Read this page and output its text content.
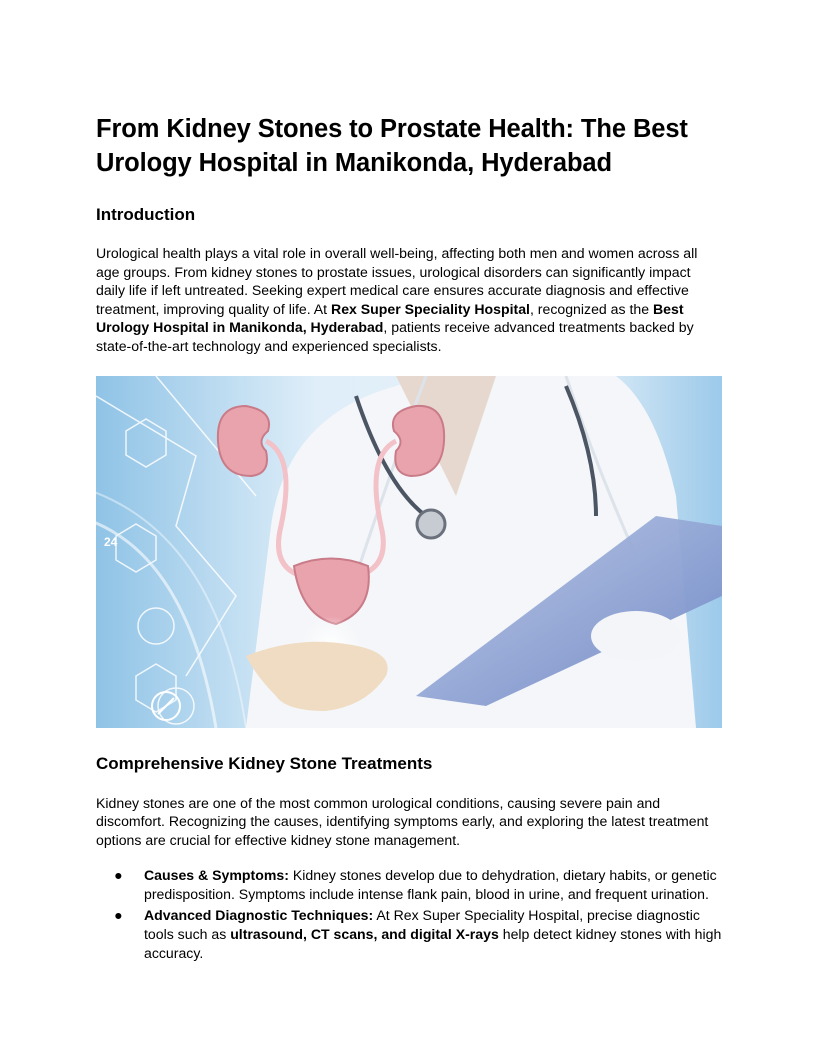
From Kidney Stones to Prostate Health: The Best Urology Hospital in Manikonda, Hyderabad
Introduction

Urological health plays a vital role in overall well-being, affecting both men and women across all age groups. From kidney stones to prostate issues, urological disorders can significantly impact daily life if left untreated. Seeking expert medical care ensures accurate diagnosis and effective treatment, improving quality of life. At Rex Super Speciality Hospital, recognized as the Best Urology Hospital in Manikonda, Hyderabad, patients receive advanced treatments backed by state-of-the-art technology and experienced specialists.

24
Comprehensive Kidney Stone Treatments

Kidney stones are one of the most common urological conditions, causing severe pain and discomfort. Recognizing the causes, identifying symptoms early, and exploring the latest treatment options are crucial for effective kidney stone management.

● Causes & Symptoms: Kidney stones develop due to dehydration, dietary habits, or genetic predisposition. Symptoms include intense flank pain, blood in urine, and frequent urination.
● Advanced Diagnostic Techniques: At Rex Super Speciality Hospital, precise diagnostic tools such as ultrasound, CT scans, and digital X-rays help detect kidney stones with high accuracy.
